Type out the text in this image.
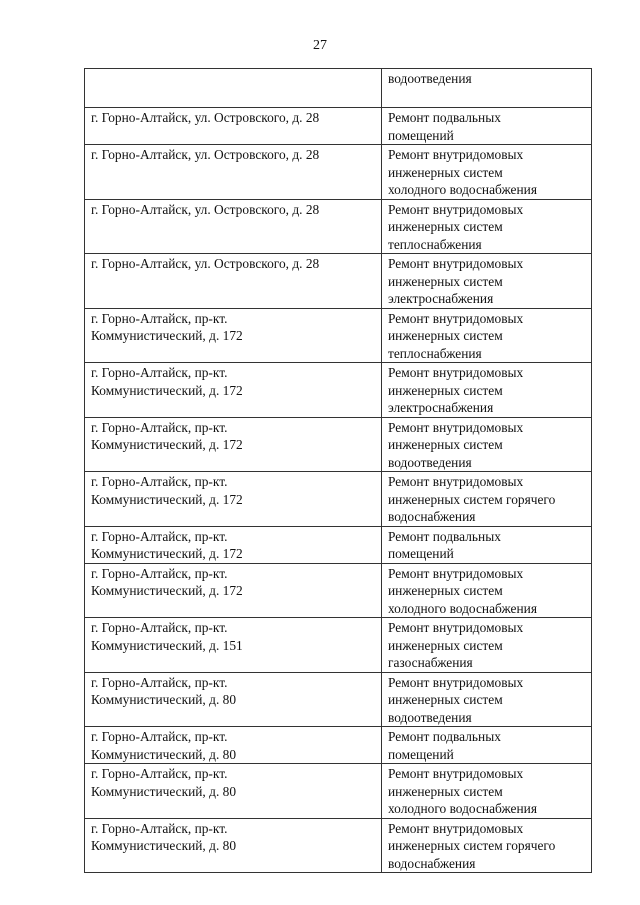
27

	водоотведения

г. Горно-Алтайск, ул. Островского, д. 28	Ремонт подвальных
помещений

г. Горно-Алтайск, ул. Островского, д. 28	Ремонт внутридомовых
инженерных систем
холодного водоснабжения

г. Горно-Алтайск, ул. Островского, д. 28	Ремонт внутридомовых
инженерных систем
теплоснабжения

г. Горно-Алтайск, ул. Островского, д. 28	Ремонт внутридомовых
инженерных систем
электроснабжения

г. Горно-Алтайск, пр-кт.
Коммунистический, д. 172	Ремонт внутридомовых
инженерных систем
теплоснабжения

г. Горно-Алтайск, пр-кт.
Коммунистический, д. 172	Ремонт внутридомовых
инженерных систем
электроснабжения

г. Горно-Алтайск, пр-кт.
Коммунистический, д. 172	Ремонт внутридомовых
инженерных систем
водоотведения

г. Горно-Алтайск, пр-кт.
Коммунистический, д. 172	Ремонт внутридомовых
инженерных систем горячего
водоснабжения

г. Горно-Алтайск, пр-кт.
Коммунистический, д. 172	Ремонт подвальных
помещений

г. Горно-Алтайск, пр-кт.
Коммунистический, д. 172	Ремонт внутридомовых
инженерных систем
холодного водоснабжения

г. Горно-Алтайск, пр-кт.
Коммунистический, д. 151	Ремонт внутридомовых
инженерных систем
газоснабжения

г. Горно-Алтайск, пр-кт.
Коммунистический, д. 80	Ремонт внутридомовых
инженерных систем
водоотведения

г. Горно-Алтайск, пр-кт.
Коммунистический, д. 80	Ремонт подвальных
помещений

г. Горно-Алтайск, пр-кт.
Коммунистический, д. 80	Ремонт внутридомовых
инженерных систем
холодного водоснабжения

г. Горно-Алтайск, пр-кт.
Коммунистический, д. 80	Ремонт внутридомовых
инженерных систем горячего
водоснабжения
